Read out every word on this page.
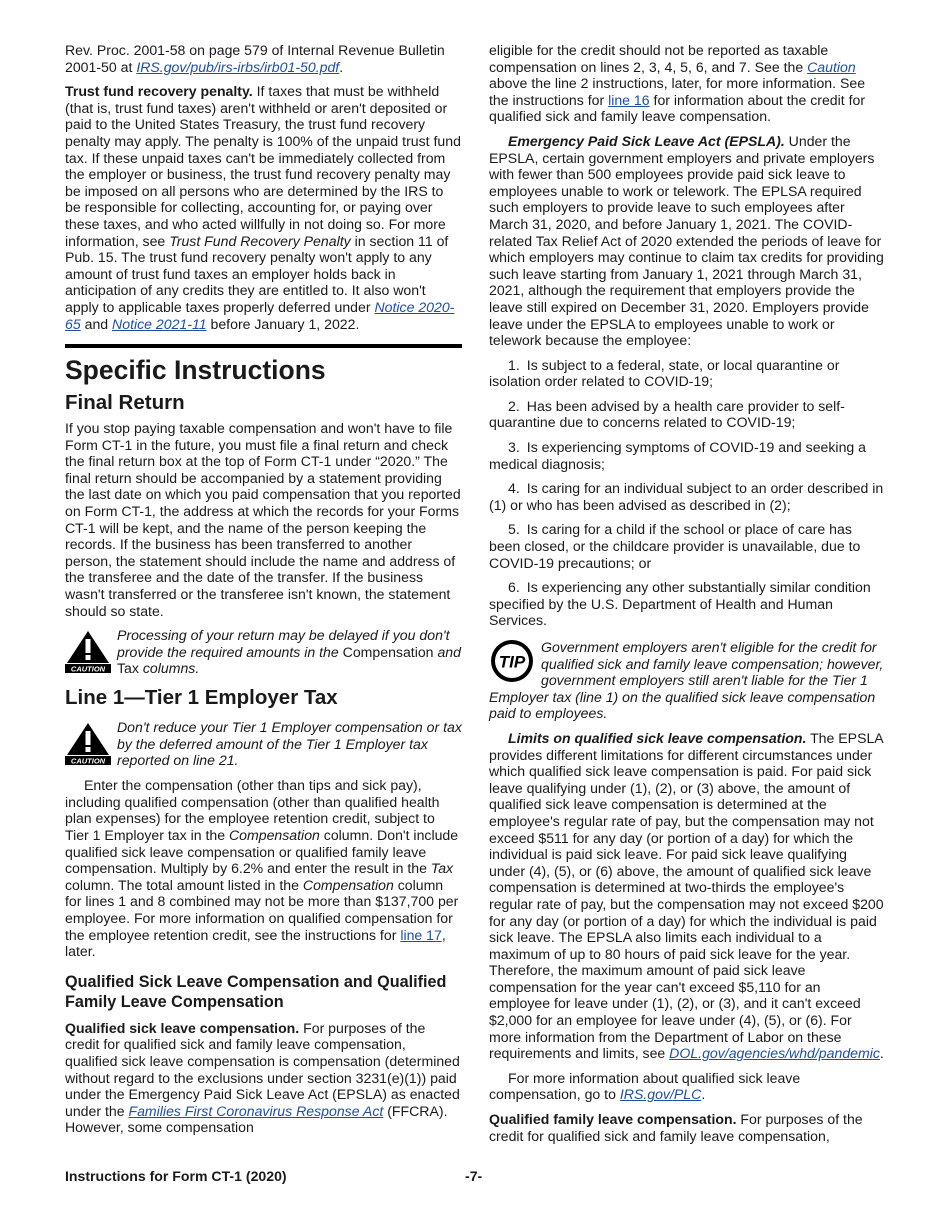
Rev. Proc. 2001-58 on page 579 of Internal Revenue Bulletin 2001-50 at IRS.gov/pub/irs-irbs/irb01-50.pdf.

Trust fund recovery penalty. If taxes that must be withheld (that is, trust fund taxes) aren't withheld or aren't deposited or paid to the United States Treasury, the trust fund recovery penalty may apply. The penalty is 100% of the unpaid trust fund tax. If these unpaid taxes can't be immediately collected from the employer or business, the trust fund recovery penalty may be imposed on all persons who are determined by the IRS to be responsible for collecting, accounting for, or paying over these taxes, and who acted willfully in not doing so. For more information, see Trust Fund Recovery Penalty in section 11 of Pub. 15. The trust fund recovery penalty won't apply to any amount of trust fund taxes an employer holds back in anticipation of any credits they are entitled to. It also won't apply to applicable taxes properly deferred under Notice 2020-65 and Notice 2021-11 before January 1, 2022.

Specific Instructions
Final Return

If you stop paying taxable compensation and won't have to file Form CT-1 in the future, you must file a final return and check the final return box at the top of Form CT-1 under “2020.” The final return should be accompanied by a statement providing the last date on which you paid compensation that you reported on Form CT-1, the address at which the records for your Forms CT-1 will be kept, and the name of the person keeping the records. If the business has been transferred to another person, the statement should include the name and address of the transferee and the date of the transfer. If the business wasn't transferred or the transferee isn't known, the statement should so state.

CAUTION
Processing of your return may be delayed if you don't provide the required amounts in the Compensation and Tax columns.
Line 1—Tier 1 Employer Tax
CAUTION
Don't reduce your Tier 1 Employer compensation or tax by the deferred amount of the Tier 1 Employer tax reported on line 21.

Enter the compensation (other than tips and sick pay), including qualified compensation (other than qualified health plan expenses) for the employee retention credit, subject to Tier 1 Employer tax in the Compensation column. Don't include qualified sick leave compensation or qualified family leave compensation. Multiply by 6.2% and enter the result in the Tax column. The total amount listed in the Compensation column for lines 1 and 8 combined may not be more than $137,700 per employee. For more information on qualified compensation for the employee retention credit, see the instructions for line 17, later.

Qualified Sick Leave Compensation and Qualified Family Leave Compensation

Qualified sick leave compensation. For purposes of the credit for qualified sick and family leave compensation, qualified sick leave compensation is compensation (determined without regard to the exclusions under section 3231(e)(1)) paid under the Emergency Paid Sick Leave Act (EPSLA) as enacted under the Families First Coronavirus Response Act (FFCRA). However, some compensation

eligible for the credit should not be reported as taxable compensation on lines 2, 3, 4, 5, 6, and 7. See the Caution above the line 2 instructions, later, for more information. See the instructions for line 16 for information about the credit for qualified sick and family leave compensation.

Emergency Paid Sick Leave Act (EPSLA). Under the EPSLA, certain government employers and private employers with fewer than 500 employees provide paid sick leave to employees unable to work or telework. The EPLSA required such employers to provide leave to such employees after March 31, 2020, and before January 1, 2021. The COVID-related Tax Relief Act of 2020 extended the periods of leave for which employers may continue to claim tax credits for providing such leave starting from January 1, 2021 through March 31, 2021, although the requirement that employers provide the leave still expired on December 31, 2020. Employers provide leave under the EPSLA to employees unable to work or telework because the employee:

1. Is subject to a federal, state, or local quarantine or isolation order related to COVID-19;

2. Has been advised by a health care provider to self-quarantine due to concerns related to COVID-19;

3. Is experiencing symptoms of COVID-19 and seeking a medical diagnosis;

4. Is caring for an individual subject to an order described in (1) or who has been advised as described in (2);

5. Is caring for a child if the school or place of care has been closed, or the childcare provider is unavailable, due to COVID-19 precautions; or

6. Is experiencing any other substantially similar condition specified by the U.S. Department of Health and Human Services.

TIP
Government employers aren't eligible for the credit for qualified sick and family leave compensation; however, government employers still aren't liable for the Tier 1 Employer tax (line 1) on the qualified sick leave compensation paid to employees.

Limits on qualified sick leave compensation. The EPSLA provides different limitations for different circumstances under which qualified sick leave compensation is paid. For paid sick leave qualifying under (1), (2), or (3) above, the amount of qualified sick leave compensation is determined at the employee's regular rate of pay, but the compensation may not exceed $511 for any day (or portion of a day) for which the individual is paid sick leave. For paid sick leave qualifying under (4), (5), or (6) above, the amount of qualified sick leave compensation is determined at two-thirds the employee's regular rate of pay, but the compensation may not exceed $200 for any day (or portion of a day) for which the individual is paid sick leave. The EPSLA also limits each individual to a maximum of up to 80 hours of paid sick leave for the year. Therefore, the maximum amount of paid sick leave compensation for the year can't exceed $5,110 for an employee for leave under (1), (2), or (3), and it can't exceed $2,000 for an employee for leave under (4), (5), or (6). For more information from the Department of Labor on these requirements and limits, see DOL.gov/agencies/whd/pandemic.

For more information about qualified sick leave compensation, go to IRS.gov/PLC.

Qualified family leave compensation. For purposes of the credit for qualified sick and family leave compensation,

Instructions for Form CT-1 (2020)	-7-
